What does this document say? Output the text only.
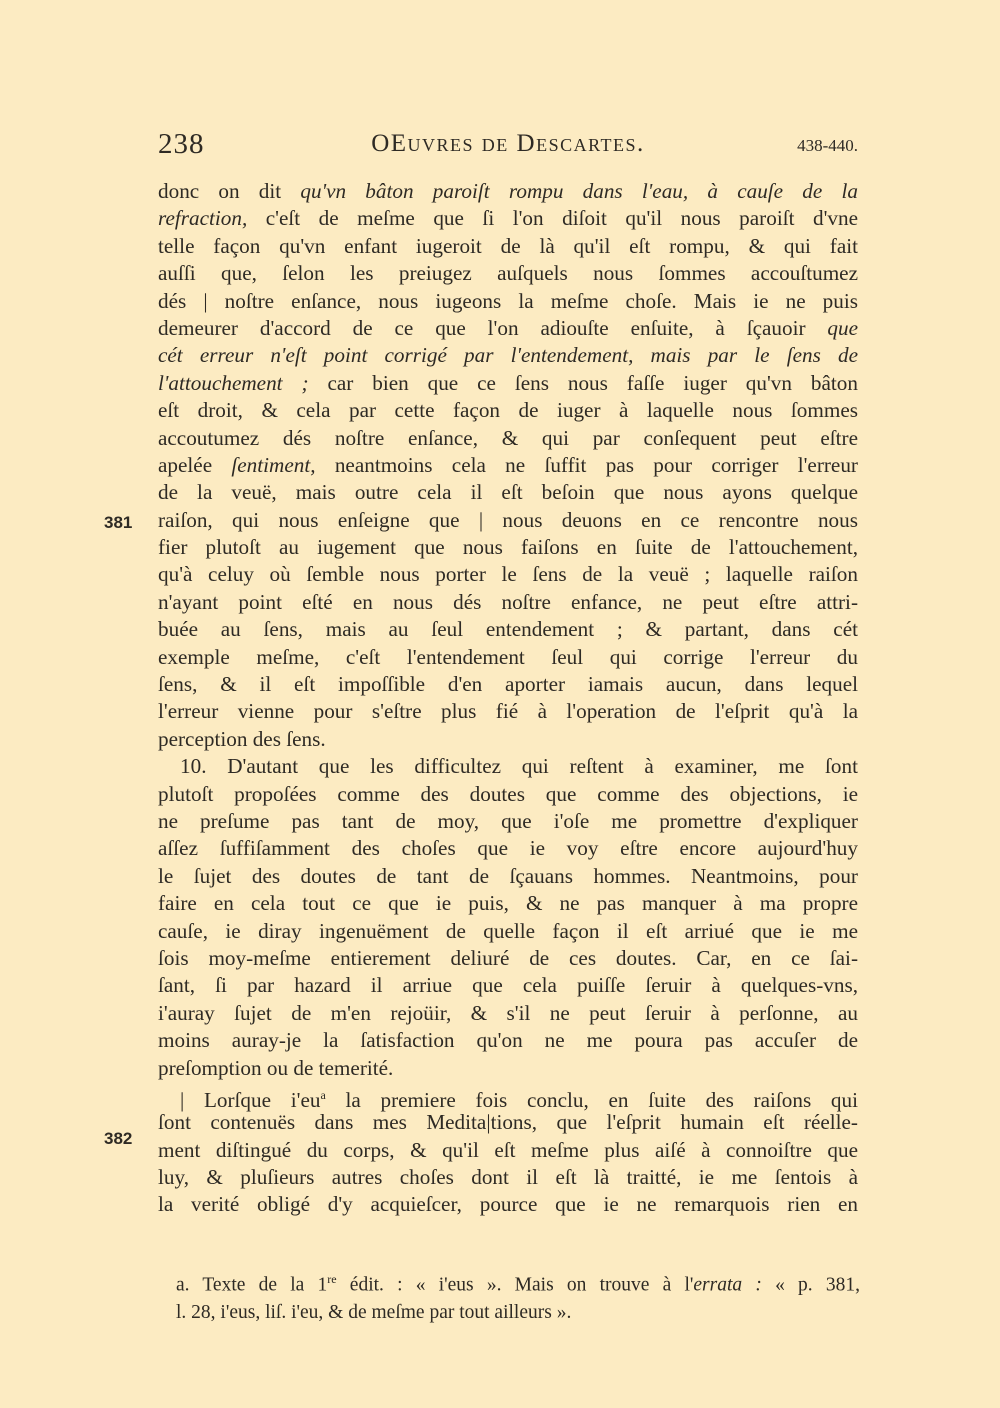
238	OEuvres de Descartes.	438-440.
381
382
donc on dit qu'vn bâton paroiſt rompu dans l'eau, à cauſe de la
refraction, c'eſt de meſme que ſi l'on diſoit qu'il nous paroiſt d'vne
telle façon qu'vn enfant iugeroit de là qu'il eſt rompu, & qui fait
auſſi que, ſelon les preiugez auſquels nous ſommes accouſtumez
dés | noſtre enſance, nous iugeons la meſme choſe. Mais ie ne puis
demeurer d'accord de ce que l'on adiouſte enſuite, à ſçauoir que
cét erreur n'eſt point corrigé par l'entendement, mais par le ſens de
l'attouchement ; car bien que ce ſens nous faſſe iuger qu'vn bâton
eſt droit, & cela par cette façon de iuger à laquelle nous ſommes
accoutumez dés noſtre enſance, & qui par conſequent peut eſtre
apelée ſentiment, neantmoins cela ne ſuffit pas pour corriger l'erreur
de la veuë, mais outre cela il eſt beſoin que nous ayons quelque
raiſon, qui nous enſeigne que | nous deuons en ce rencontre nous
fier plutoſt au iugement que nous faiſons en ſuite de l'attouchement,
qu'à celuy où ſemble nous porter le ſens de la veuë ; laquelle raiſon
n'ayant point eſté en nous dés noſtre enfance, ne peut eſtre attri-
buée au ſens, mais au ſeul entendement ; & partant, dans cét
exemple meſme, c'eſt l'entendement ſeul qui corrige l'erreur du
ſens, & il eſt impoſſible d'en aporter iamais aucun, dans lequel
l'erreur vienne pour s'eſtre plus fié à l'operation de l'eſprit qu'à la
perception des ſens.
10. D'autant que les difficultez qui reſtent à examiner, me ſont
plutoſt propoſées comme des doutes que comme des objections, ie
ne preſume pas tant de moy, que i'oſe me promettre d'expliquer
aſſez ſuffiſamment des choſes que ie voy eſtre encore aujourd'huy
le ſujet des doutes de tant de ſçauans hommes. Neantmoins, pour
faire en cela tout ce que ie puis, & ne pas manquer à ma propre
cauſe, ie diray ingenuëment de quelle façon il eſt arriué que ie me
ſois moy-meſme entierement deliuré de ces doutes. Car, en ce ſai-
ſant, ſi par hazard il arriue que cela puiſſe ſeruir à quelques-vns,
i'auray ſujet de m'en rejoüir, & s'il ne peut ſeruir à perſonne, au
moins auray-je la ſatisfaction qu'on ne me poura pas accuſer de
preſomption ou de temerité.
| Lorſque $i'eu^a$ la premiere fois conclu, en ſuite des raiſons qui
ſont contenuës dans mes Medita|tions, que l'eſprit humain eſt réelle-
ment diſtingué du corps, & qu'il eſt meſme plus aiſé à connoiſtre que
luy, & pluſieurs autres choſes dont il eſt là traitté, ie me ſentois à
la verité obligé d'y acquieſcer, pource que ie ne remarquois rien en
a. Texte de la 1re édit. : « i'eus ». Mais on trouve à l'errata : « p. 381,
l. 28, i'eus, liſ. i'eu, & de meſme par tout ailleurs ».
